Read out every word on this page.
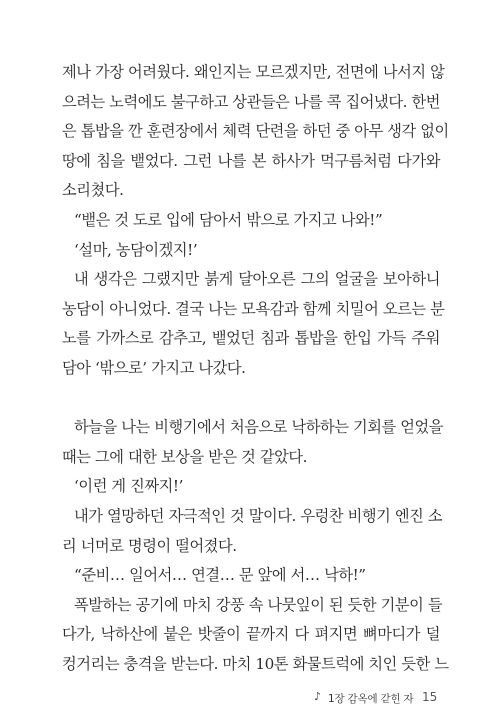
제나 가장 어려웠다. 왜인지는 모르겠지만, 전면에 나서지 않
으려는 노력에도 불구하고 상관들은 나를 콕 집어냈다. 한번
은 톱밥을 깐 훈련장에서 체력 단련을 하던 중 아무 생각 없이
땅에 침을 뱉었다. 그런 나를 본 하사가 먹구름처럼 다가와
소리쳤다.
“뱉은 것 도로 입에 담아서 밖으로 가지고 나와!”
‘설마, 농담이겠지!’
내 생각은 그랬지만 붉게 달아오른 그의 얼굴을 보아하니
농담이 아니었다. 결국 나는 모욕감과 함께 치밀어 오르는 분
노를 가까스로 감추고, 뱉었던 침과 톱밥을 한입 가득 주워
담아 ‘밖으로’ 가지고 나갔다.
하늘을 나는 비행기에서 처음으로 낙하하는 기회를 얻었을
때는 그에 대한 보상을 받은 것 같았다.
‘이런 게 진짜지!’
내가 열망하던 자극적인 것 말이다. 우렁찬 비행기 엔진 소
리 너머로 명령이 떨어졌다.
“준비… 일어서… 연결… 문 앞에 서… 낙하!”
폭발하는 공기에 마치 강풍 속 나뭇잎이 된 듯한 기분이 들
다가, 낙하산에 붙은 밧줄이 끝까지 다 펴지면 뼈마디가 덜
컹거리는 충격을 받는다. 마치 10톤 화물트럭에 치인 듯한 느
♪ 1장 감옥에 갇힌 자 15
